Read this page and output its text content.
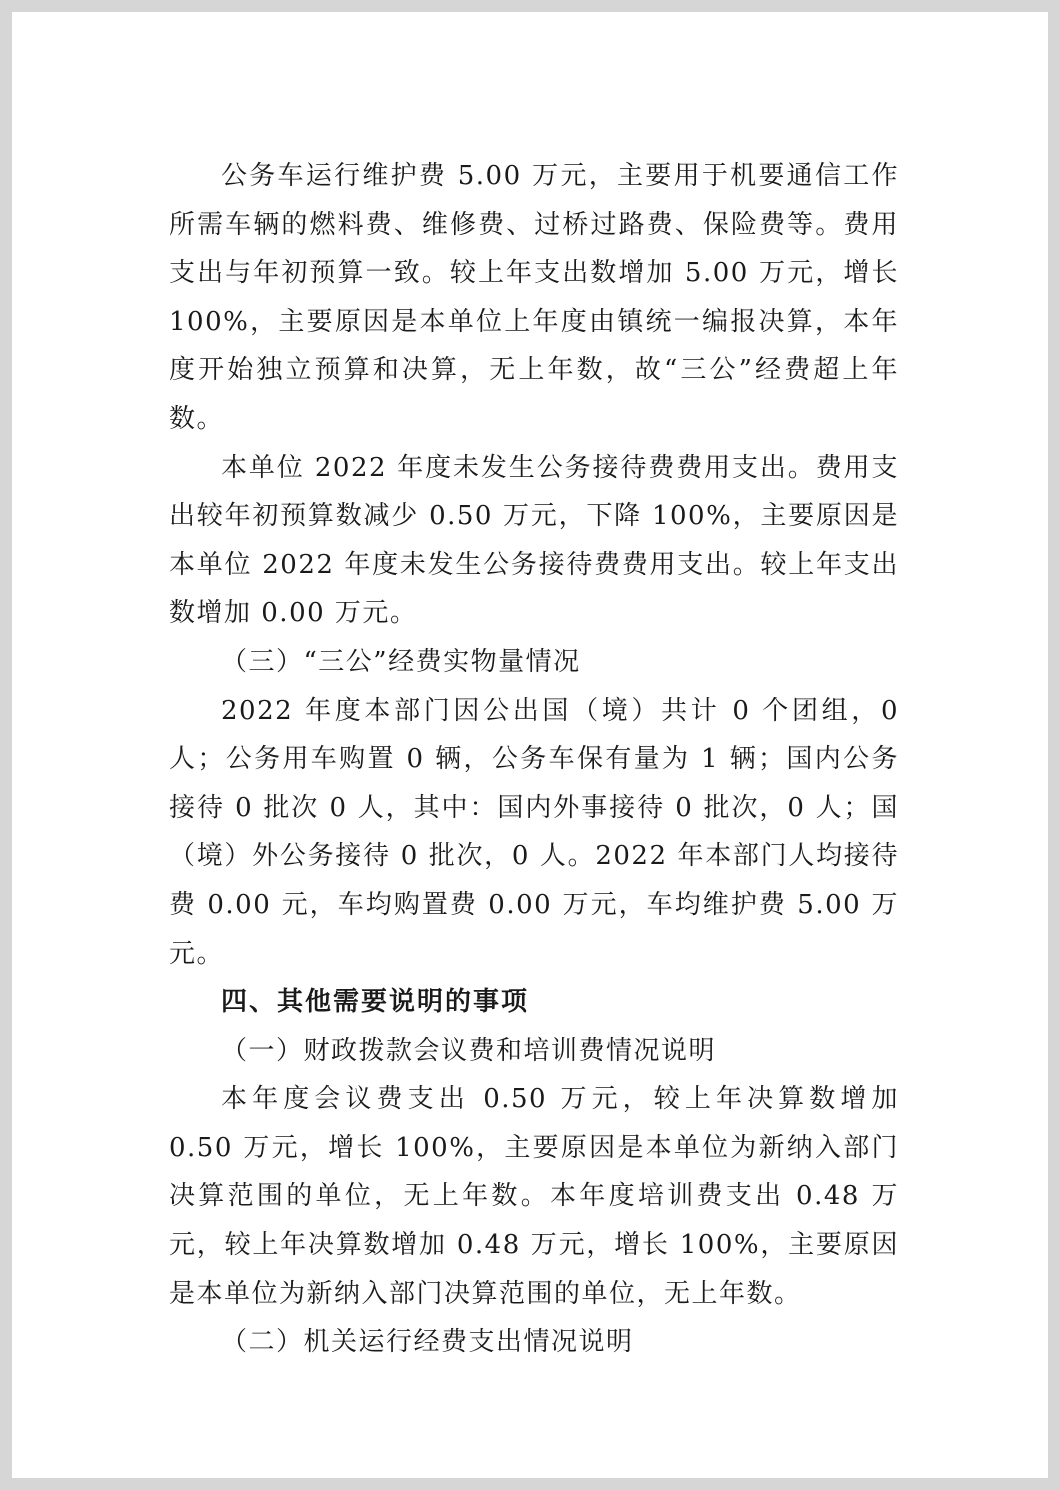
公务车运行维护费 5.00 万元，主要用于机要通信工作所需车辆的燃料费、维修费、过桥过路费、保险费等。费用支出与年初预算一致。较上年支出数增加 5.00 万元，增长 100%，主要原因是本单位上年度由镇统一编报决算，本年度开始独立预算和决算，无上年数，故“三公”经费超上年数。

本单位 2022 年度未发生公务接待费费用支出。费用支出较年初预算数减少 0.50 万元，下降 100%，主要原因是本单位 2022 年度未发生公务接待费费用支出。较上年支出数增加 0.00 万元。

（三）“三公”经费实物量情况

2022 年度本部门因公出国（境）共计 0 个团组，0 人；公务用车购置 0 辆，公务车保有量为 1 辆；国内公务接待 0 批次 0 人，其中：国内外事接待 0 批次，0 人；国（境）外公务接待 0 批次，0 人。2022 年本部门人均接待费 0.00 元，车均购置费 0.00 万元，车均维护费 5.00 万元。

四、其他需要说明的事项

（一）财政拨款会议费和培训费情况说明

本年度会议费支出 0.50 万元，较上年决算数增加 0.50 万元，增长 100%，主要原因是本单位为新纳入部门决算范围的单位，无上年数。本年度培训费支出 0.48 万元，较上年决算数增加 0.48 万元，增长 100%，主要原因是本单位为新纳入部门决算范围的单位，无上年数。

（二）机关运行经费支出情况说明
